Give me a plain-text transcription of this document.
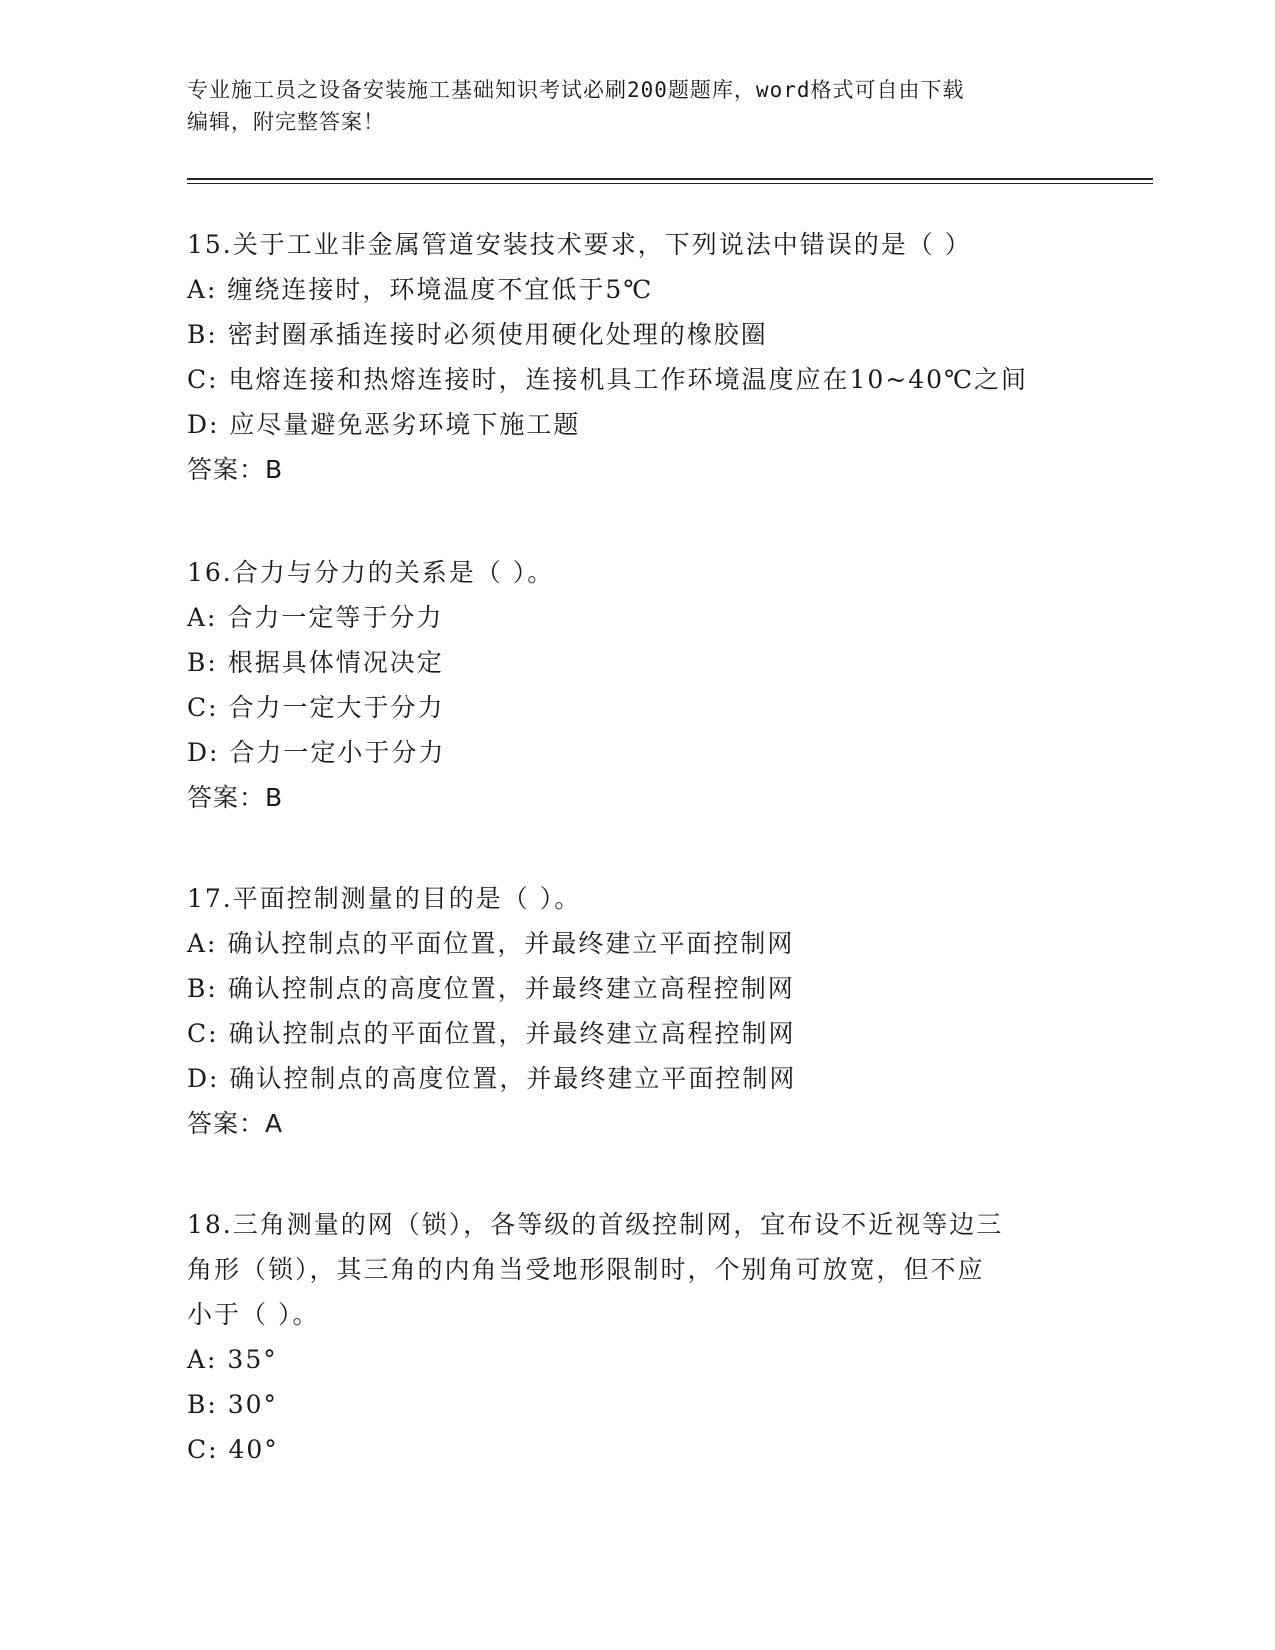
专业施工员之设备安装施工基础知识考试必刷200题题库，word格式可自由下载
编辑，附完整答案！
15.关于工业非金属管道安装技术要求，下列说法中错误的是（ ）
A: 缠绕连接时，环境温度不宜低于5℃
B: 密封圈承插连接时必须使用硬化处理的橡胶圈
C: 电熔连接和热熔连接时，连接机具工作环境温度应在10~40℃之间
D: 应尽量避免恶劣环境下施工题
答案：B
16.合力与分力的关系是（ ）。
A: 合力一定等于分力
B: 根据具体情况决定
C: 合力一定大于分力
D: 合力一定小于分力
答案：B
17.平面控制测量的目的是（ ）。
A: 确认控制点的平面位置，并最终建立平面控制网
B: 确认控制点的高度位置，并最终建立高程控制网
C: 确认控制点的平面位置，并最终建立高程控制网
D: 确认控制点的高度位置，并最终建立平面控制网
答案：A
18.三角测量的网（锁），各等级的首级控制网，宜布设不近视等边三
角形（锁），其三角的内角当受地形限制时，个别角可放宽，但不应
小于（ ）。
A: 35°
B: 30°
C: 40°
